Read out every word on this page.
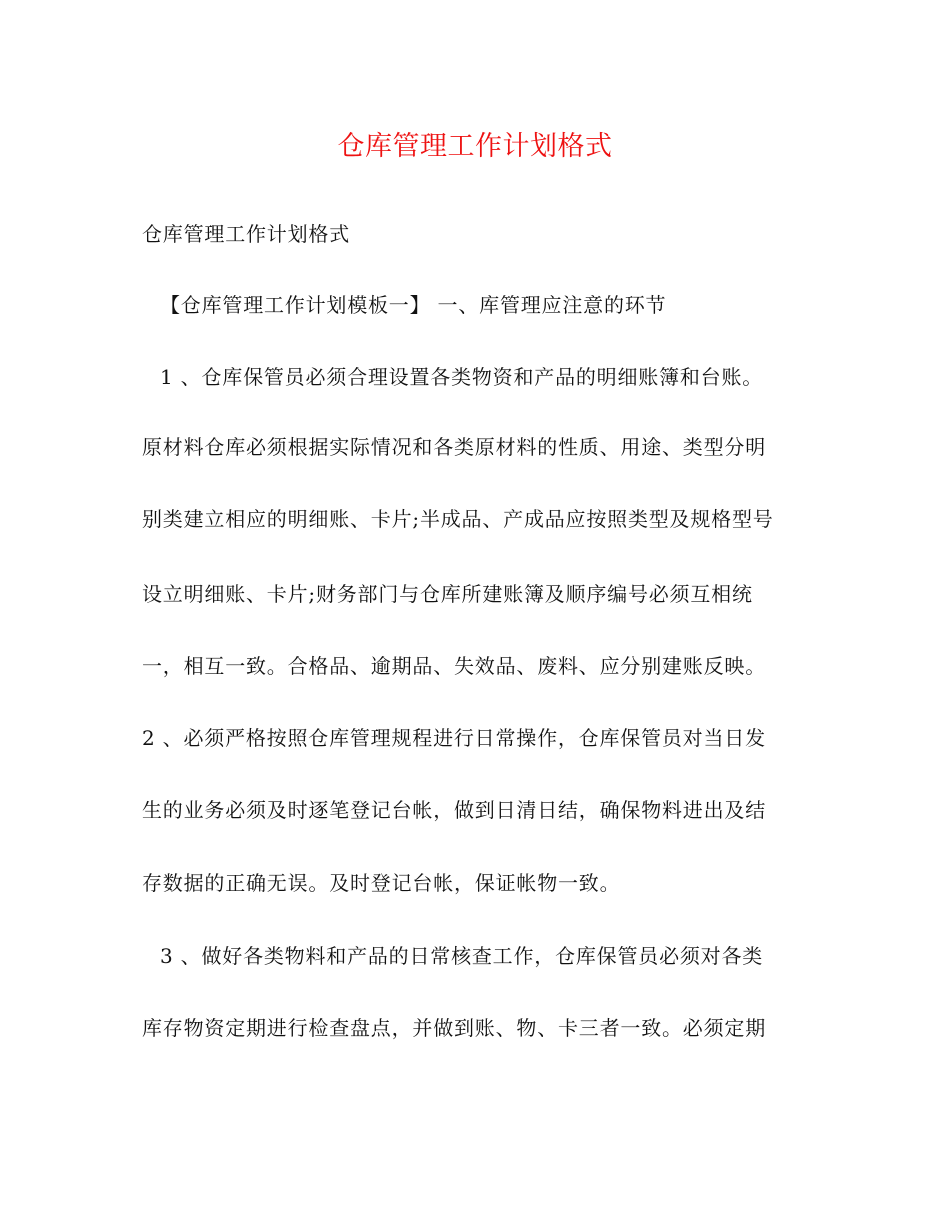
仓库管理工作计划格式
仓库管理工作计划格式
【仓库管理工作计划模板一】 一、库管理应注意的环节
1 、仓库保管员必须合理设置各类物资和产品的明细账簿和台账。
原材料仓库必须根据实际情况和各类原材料的性质、用途、类型分明
别类建立相应的明细账、卡片;半成品、产成品应按照类型及规格型号
设立明细账、卡片;财务部门与仓库所建账簿及顺序编号必须互相统
一，相互一致。合格品、逾期品、失效品、废料、应分别建账反映。
2 、必须严格按照仓库管理规程进行日常操作，仓库保管员对当日发
生的业务必须及时逐笔登记台帐，做到日清日结，确保物料进出及结
存数据的正确无误。及时登记台帐，保证帐物一致。
3 、做好各类物料和产品的日常核查工作，仓库保管员必须对各类
库存物资定期进行检查盘点，并做到账、物、卡三者一致。必须定期
